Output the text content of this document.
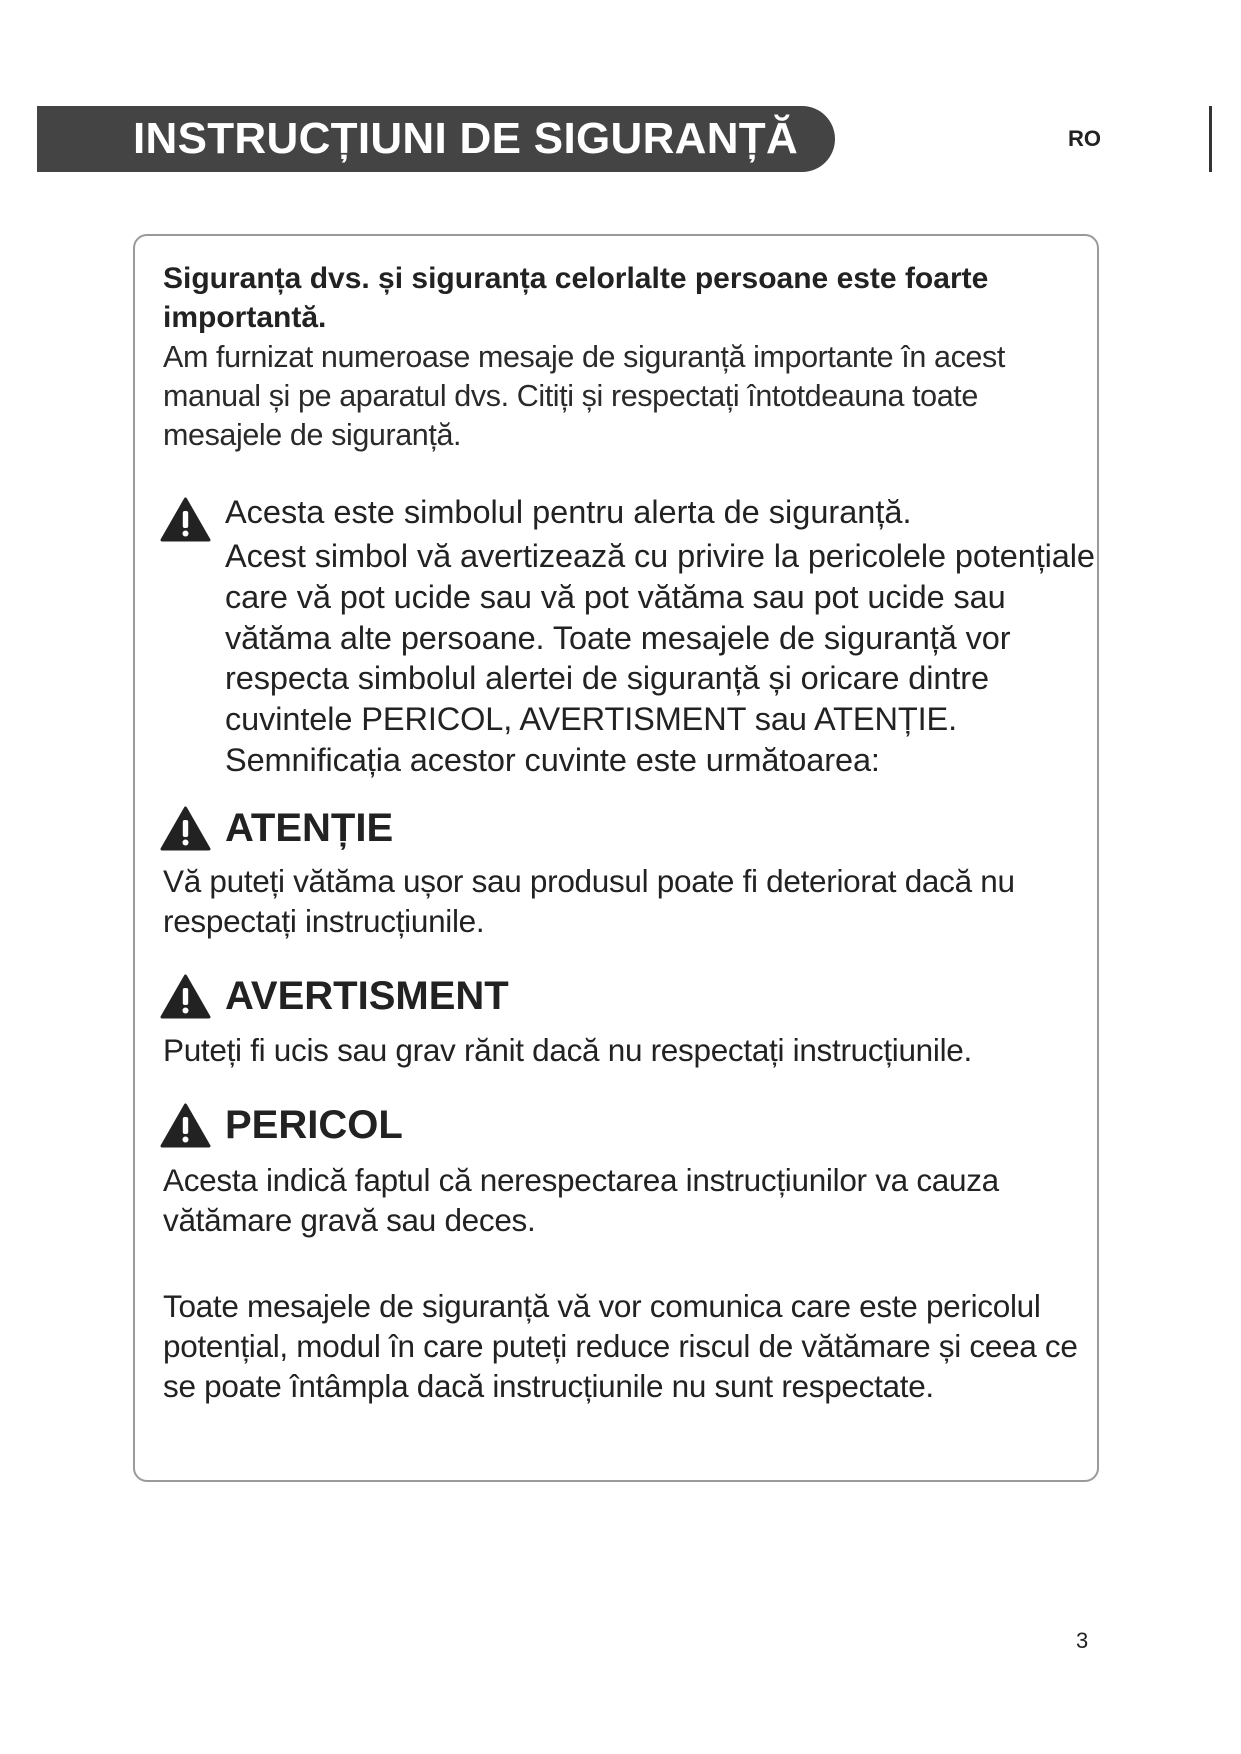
INSTRUCȚIUNI DE SIGURANȚĂ	RO

Siguranța dvs. și siguranța celorlalte persoane este foarte importantă.

Am furnizat numeroase mesaje de siguranță importante în acest manual și pe aparatul dvs. Citiți și respectați întotdeauna toate mesajele de siguranță.

Acesta este simbolul pentru alerta de siguranță.

Acest simbol vă avertizează cu privire la pericolele potențiale care vă pot ucide sau vă pot vătăma sau pot ucide sau vătăma alte persoane. Toate mesajele de siguranță vor respecta simbolul alertei de siguranță și oricare dintre cuvintele PERICOL, AVERTISMENT sau ATENȚIE. Semnificația acestor cuvinte este următoarea:

ATENȚIE

Vă puteți vătăma ușor sau produsul poate fi deteriorat dacă nu respectați instrucțiunile.

AVERTISMENT

Puteți fi ucis sau grav rănit dacă nu respectați instrucțiunile.

PERICOL

Acesta indică faptul că nerespectarea instrucțiunilor va cauza vătămare gravă sau deces.

Toate mesajele de siguranță vă vor comunica care este pericolul potențial, modul în care puteți reduce riscul de vătămare și ceea ce se poate întâmpla dacă instrucțiunile nu sunt respectate.

3
